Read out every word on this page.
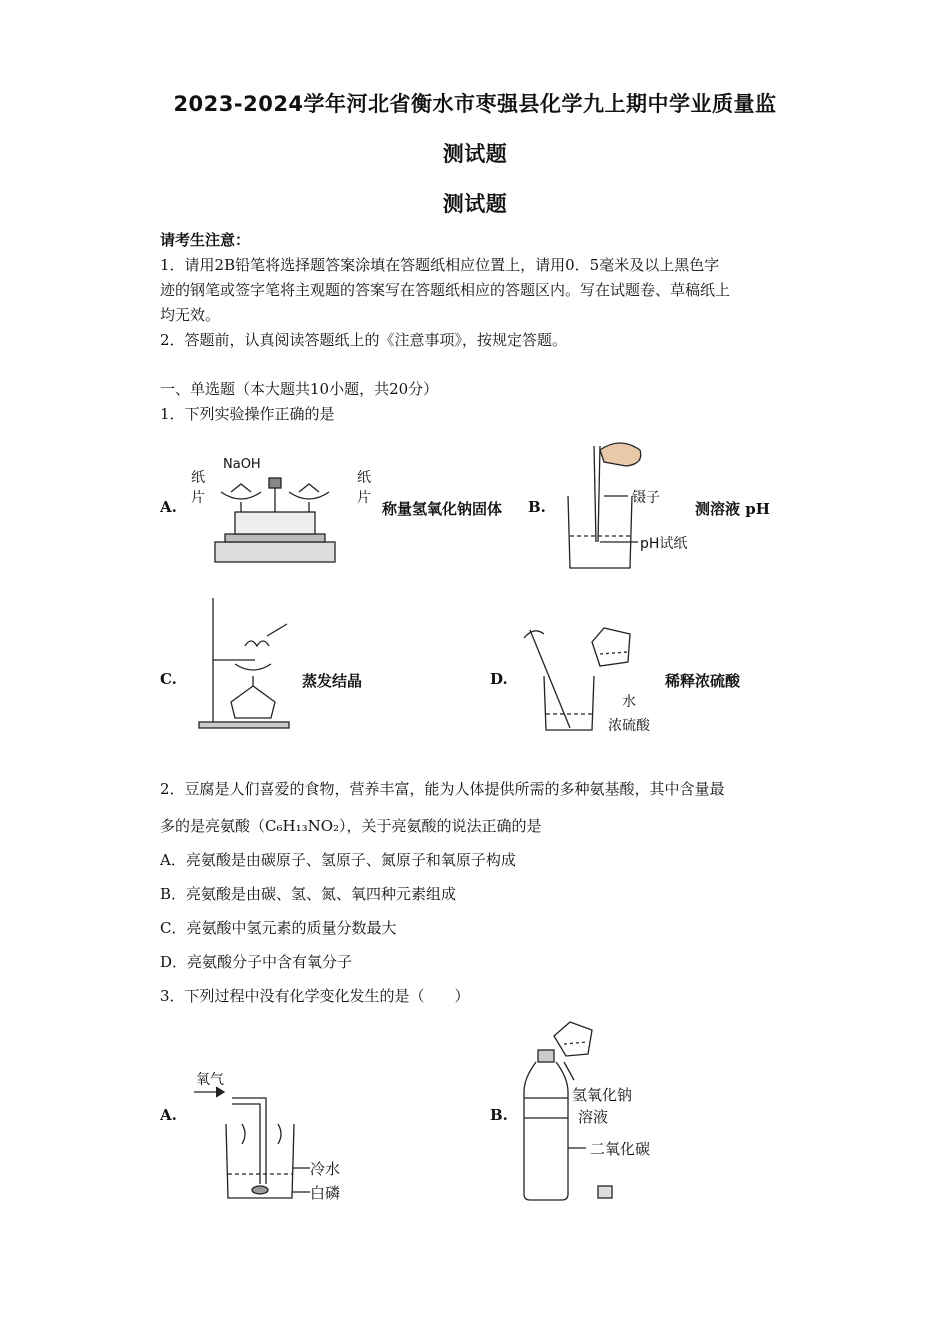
2023-2024学年河北省衡水市枣强县化学九上期中学业质量监
测试题
测试题
请考生注意：
1．请用2B铅笔将选择题答案涂填在答题纸相应位置上，请用0．5毫米及以上黑色字
迹的钢笔或签字笔将主观题的答案写在答题纸相应的答题区内。写在试题卷、草稿纸上
均无效。
2．答题前，认真阅读答题纸上的《注意事项》，按规定答题。
一、单选题（本大题共10小题，共20分）
1．下列实验操作正确的是
A.
NaOH
纸
片
纸
片
称量氢氧化钠固体 B.	镊子
pH试纸
测溶液 pH
C.	蒸发结晶	D.
水
浓硫酸
稀释浓硫酸
2．豆腐是人们喜爱的食物，营养丰富，能为人体提供所需的多种氨基酸，其中含量最
多的是亮氨酸（C₆H₁₃NO₂），关于亮氨酸的说法正确的是
A．亮氨酸是由碳原子、氢原子、氮原子和氧原子构成
B．亮氨酸是由碳、氢、氮、氧四种元素组成
C．亮氨酸中氢元素的质量分数最大
D．亮氨酸分子中含有氧分子
3．下列过程中没有化学变化发生的是（　　）
A.
氧气
冷水
白磷
B.
氢氧化钠
溶液
二氧化碳
